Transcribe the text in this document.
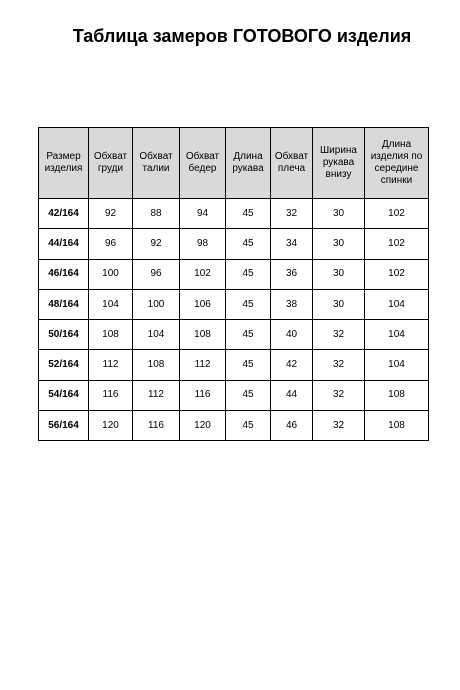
Таблица замеров ГОТОВОГО изделия
Размер изделия	Обхват груди	Обхват талии	Обхват бедер	Длина рукава	Обхват плеча	Ширина рукава внизу	Длина изделия по середине спинки
42/164	92	88	94	45	32	30	102
44/164	96	92	98	45	34	30	102
46/164	100	96	102	45	36	30	102
48/164	104	100	106	45	38	30	104
50/164	108	104	108	45	40	32	104
52/164	112	108	112	45	42	32	104
54/164	116	112	116	45	44	32	108
56/164	120	116	120	45	46	32	108
